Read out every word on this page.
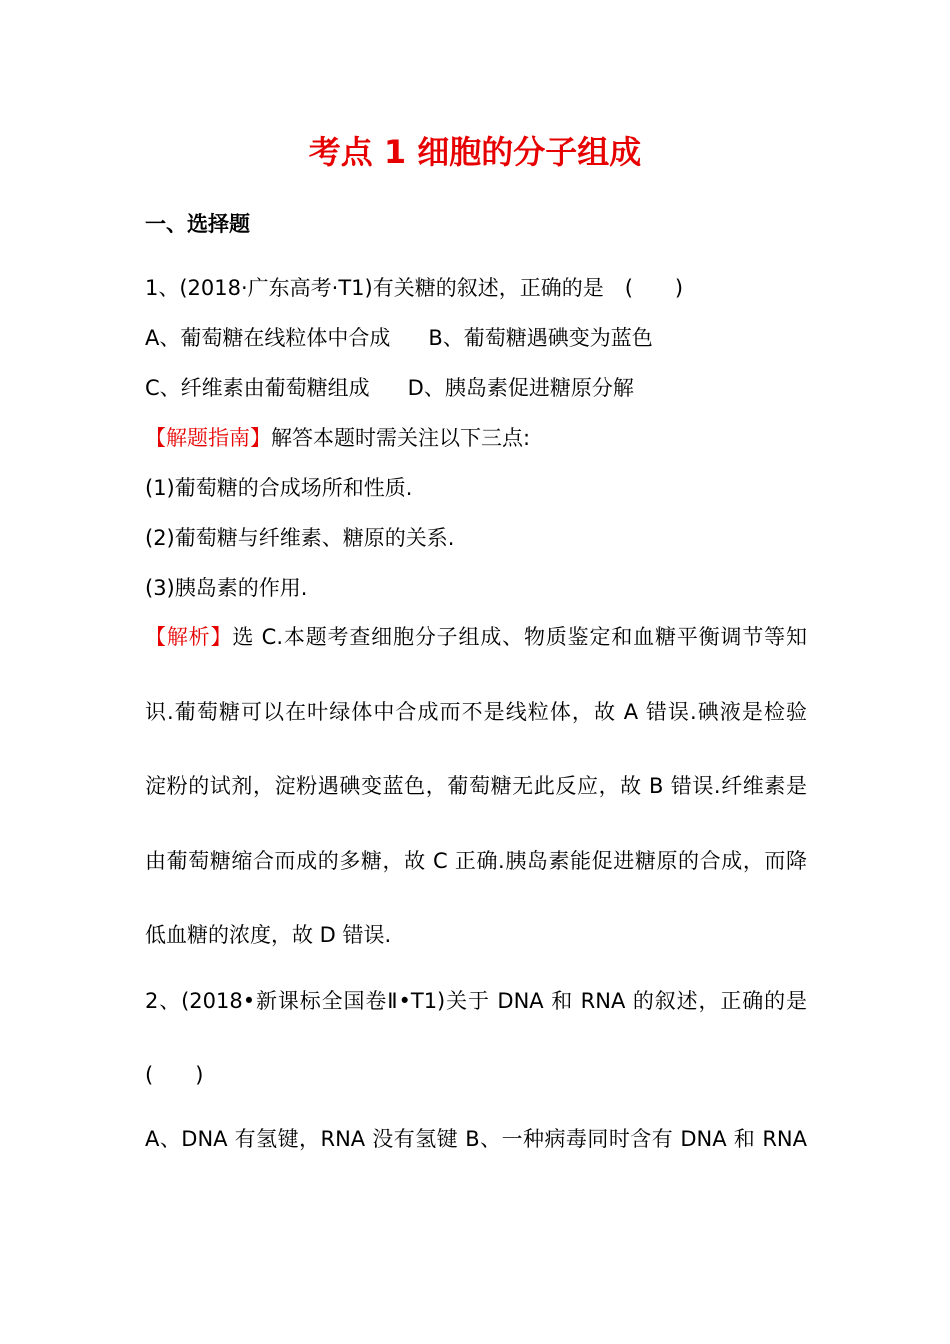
考点 1 细胞的分子组成
一、选择题
1、(2018·广东高考·T1)有关糖的叙述，正确的是　(　　)
A、葡萄糖在线粒体中合成 B、葡萄糖遇碘变为蓝色
C、纤维素由葡萄糖组成 D、胰岛素促进糖原分解
【解题指南】解答本题时需关注以下三点:
(1)葡萄糖的合成场所和性质.
(2)葡萄糖与纤维素、糖原的关系.
(3)胰岛素的作用.
【解析】选 C.本题考查细胞分子组成、物质鉴定和血糖平衡调节等知
识.葡萄糖可以在叶绿体中合成而不是线粒体，故 A 错误.碘液是检验
淀粉的试剂，淀粉遇碘变蓝色，葡萄糖无此反应，故 B 错误.纤维素是
由葡萄糖缩合而成的多糖，故 C 正确.胰岛素能促进糖原的合成，而降
低血糖的浓度，故 D 错误.
2、(2018•新课标全国卷Ⅱ•T1)关于 DNA 和 RNA 的叙述，正确的是
(　　)
A、DNA 有氢键，RNA 没有氢键 B、一种病毒同时含有 DNA 和 RNA
